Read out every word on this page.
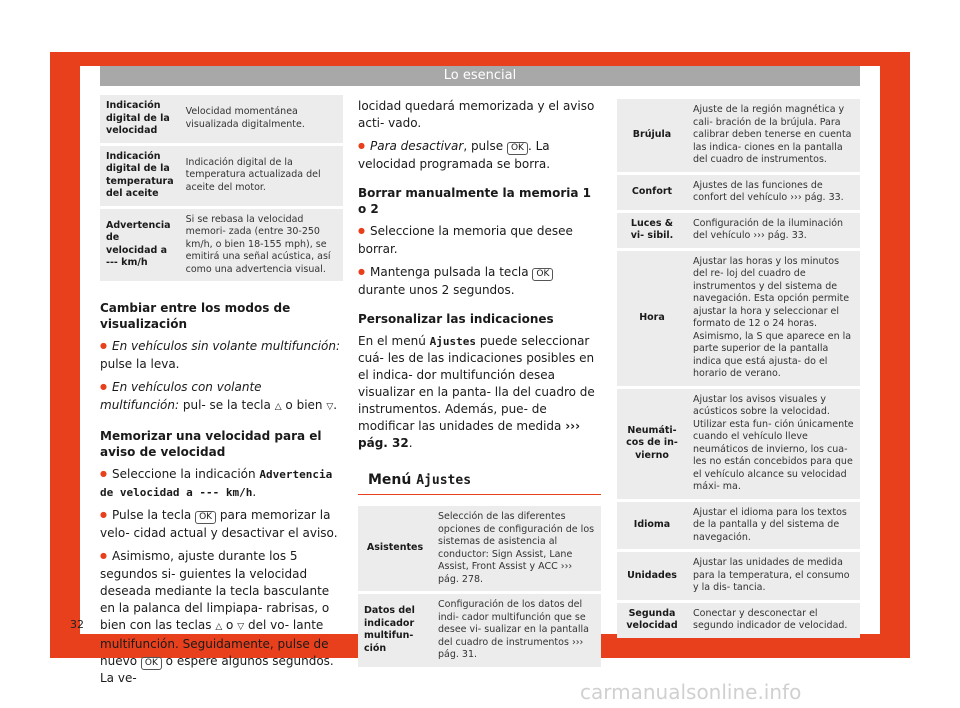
Lo esencial
Indicación digital de la velocidad	Velocidad momentánea visualizada digitalmente.
Indicación digital de la temperatura del aceite	Indicación digital de la temperatura actualizada del aceite del motor.
Advertencia de velocidad a --- km/h	Si se rebasa la velocidad memori- zada (entre 30-250 km/h, o bien 18-155 mph), se emitirá una señal acústica, así como una advertencia visual.
Cambiar entre los modos de visualización

● En vehículos sin volante multifunción: pulse la leva.

● En vehículos con volante multifunción: pul- se la tecla △ o bien ▽.

Memorizar una velocidad para el aviso de velocidad

● Seleccione la indicación Advertencia de velocidad a --- km/h.

● Pulse la tecla OK para memorizar la velo- cidad actual y desactivar el aviso.

● Asimismo, ajuste durante los 5 segundos si- guientes la velocidad deseada mediante la tecla basculante en la palanca del limpiapa- rabrisas, o bien con las teclas △ o ▽ del vo- lante multifunción. Seguidamente, pulse de nuevo OK o espere algunos segundos. La ve-

locidad quedará memorizada y el aviso acti- vado.

● Para desactivar, pulse OK . La velocidad programada se borra.

Borrar manualmente la memoria 1 o 2

● Seleccione la memoria que desee borrar.

● Mantenga pulsada la tecla OK durante unos 2 segundos.

Personalizar las indicaciones

En el menú Ajustes puede seleccionar cuá- les de las indicaciones posibles en el indica- dor multifunción desea visualizar en la panta- lla del cuadro de instrumentos. Además, pue- de modificar las unidades de medida ››› pág. 32.

Menú Ajustes
Asistentes	Selección de las diferentes opciones de configuración de los sistemas de asistencia al conductor: Sign Assist, Lane Assist, Front Assist y ACC ››› pág. 278.
Datos del indicador multifun- ción	Configuración de los datos del indi- cador multifunción que se desee vi- sualizar en la pantalla del cuadro de instrumentos ››› pág. 31.
Brújula	Ajuste de la región magnética y cali- bración de la brújula. Para calibrar deben tenerse en cuenta las indica- ciones en la pantalla del cuadro de instrumentos.
Confort	Ajustes de las funciones de confort del vehículo ››› pág. 33.
Luces & vi- sibil.	Configuración de la iluminación del vehículo ››› pág. 33.
Hora	Ajustar las horas y los minutos del re- loj del cuadro de instrumentos y del sistema de navegación. Esta opción permite ajustar la hora y seleccionar el formato de 12 o 24 horas. Asimismo, la S que aparece en la parte superior de la pantalla indica que está ajusta- do el horario de verano.
Neumáti- cos de in- vierno	Ajustar los avisos visuales y acústicos sobre la velocidad. Utilizar esta fun- ción únicamente cuando el vehículo lleve neumáticos de invierno, los cua- les no están concebidos para que el vehículo alcance su velocidad máxi- ma.
Idioma	Ajustar el idioma para los textos de la pantalla y del sistema de navegación.
Unidades	Ajustar las unidades de medida para la temperatura, el consumo y la dis- tancia.
Segunda velocidad	Conectar y desconectar el segundo indicador de velocidad.
32
carmanualsonline.info
